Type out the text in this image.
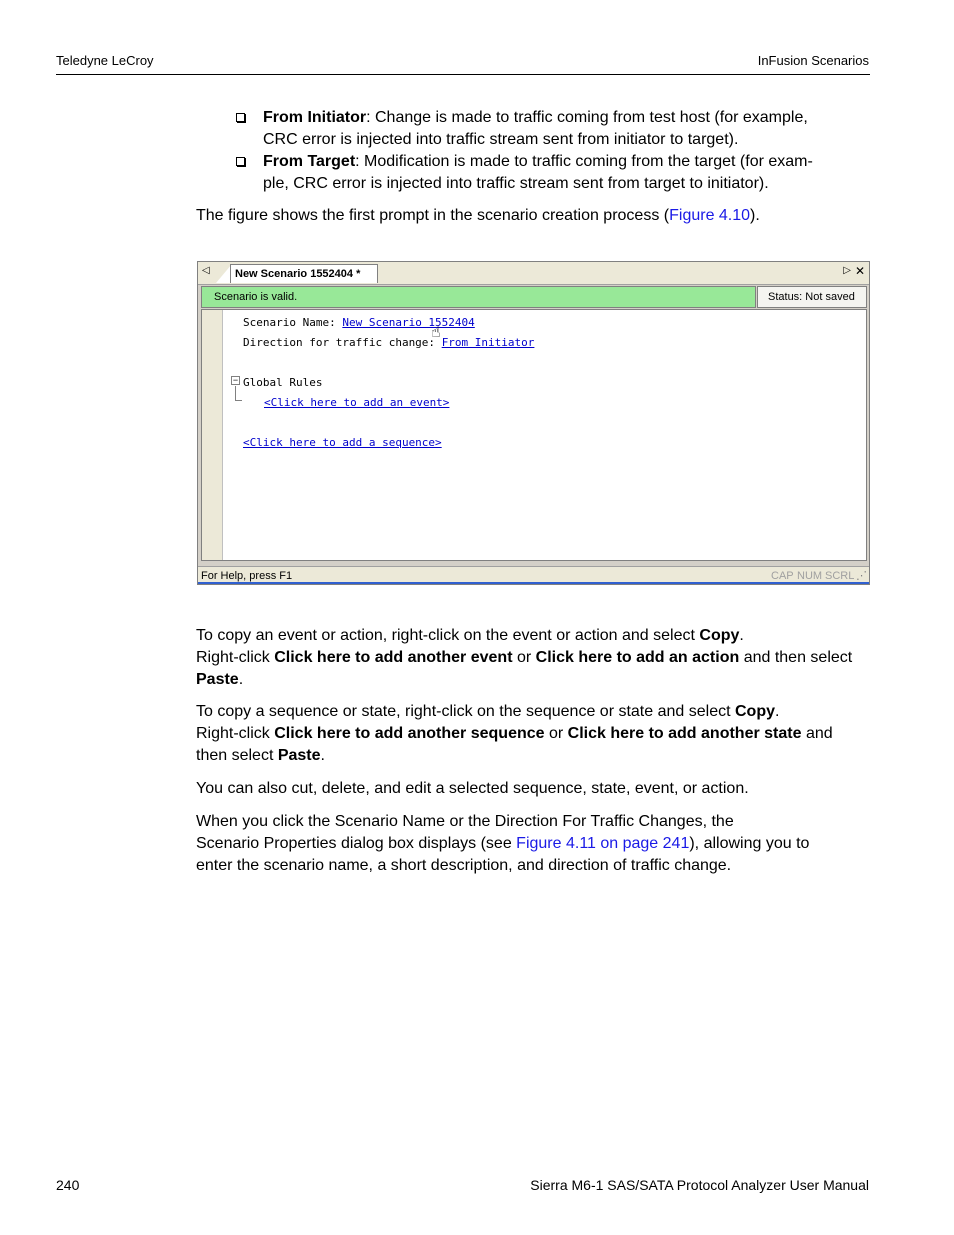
Teledyne LeCroy	InFusion Scenarios
From Initiator: Change is made to traffic coming from test host (for example,
CRC error is injected into traffic stream sent from initiator to target).
From Target: Modification is made to traffic coming from the target (for exam-
ple, CRC error is injected into traffic stream sent from target to initiator).
The figure shows the first prompt in the scenario creation process (Figure 4.10).
◁	New Scenario 1552404 *	▷ ✕
Scenario is valid.	Status: Not saved
Scenario Name: New Scenario 1552404
Direction for traffic change: From Initiator
☝
− Global Rules
<Click here to add an event>
<Click here to add a sequence>
For Help, press F1	CAP NUM SCRL ⋰
To copy an event or action, right-click on the event or action and select Copy.
Right-click Click here to add another event or Click here to add an action and then select
Paste.
To copy a sequence or state, right-click on the sequence or state and select Copy.
Right-click Click here to add another sequence or Click here to add another state and
then select Paste.
You can also cut, delete, and edit a selected sequence, state, event, or action.
When you click the Scenario Name or the Direction For Traffic Changes, the
Scenario Properties dialog box displays (see Figure 4.11 on page 241), allowing you to
enter the scenario name, a short description, and direction of traffic change.
240	Sierra M6-1 SAS/SATA Protocol Analyzer User Manual
